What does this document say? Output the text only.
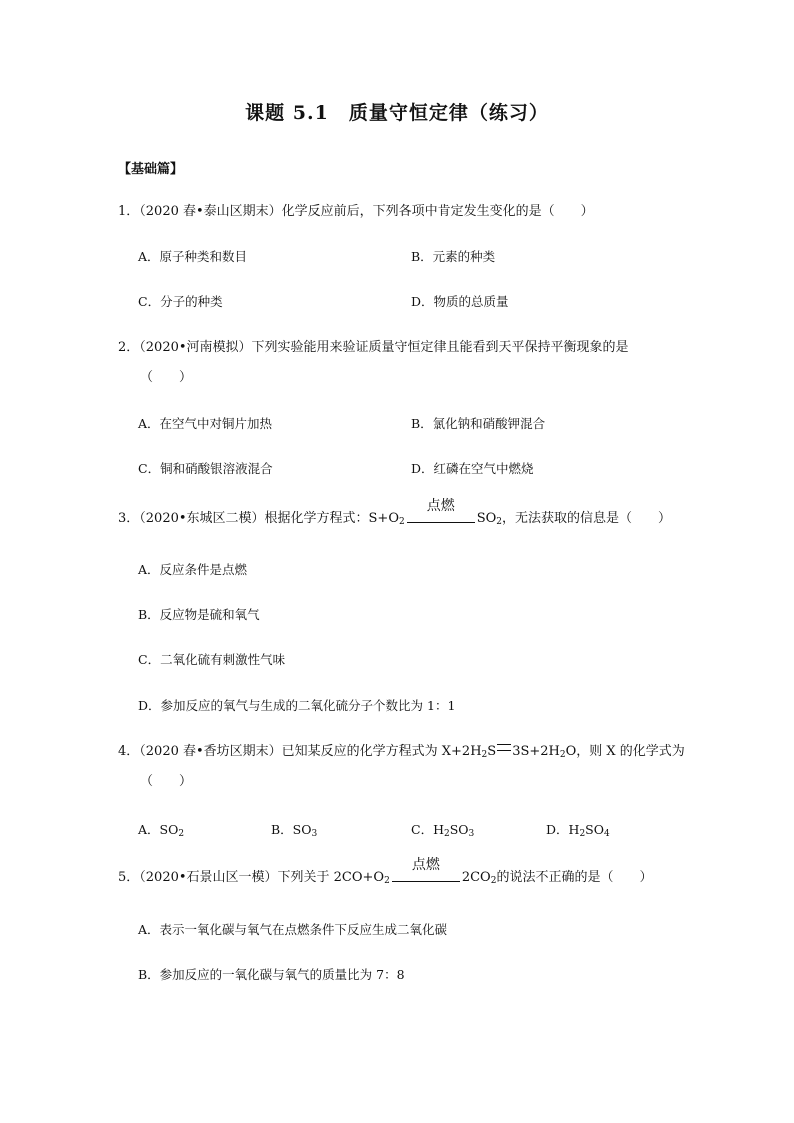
课题 5.1　质量守恒定律（练习）
【基础篇】
1．（2020 春•泰山区期末）化学反应前后，下列各项中肯定发生变化的是（　　）
A．原子种类和数目	B．元素的种类
C．分子的种类	D．物质的总质量
2．（2020•河南模拟）下列实验能用来验证质量守恒定律且能看到天平保持平衡现象的是
（　　）
A．在空气中对铜片加热	B．氯化钠和硝酸钾混合
C．铜和硝酸银溶液混合	D．红磷在空气中燃烧
3．（2020•东城区二模）根据化学方程式：$S+O_2$
点燃
$SO_2$，无法获取的信息是（　　）
A．反应条件是点燃
B．反应物是硫和氧气
C．二氧化硫有刺激性气味
D．参加反应的氧气与生成的二氧化硫分子个数比为 1：1
4．（2020 春•香坊区期末）已知某反应的化学方程式为 $X+2H_2S$ $3S+2H_2O$，则 X 的化学式为
（　　）
A．$SO_2$	B．$SO_3$	C．$H_2SO_3$	D．$H_2SO_4$
5．（2020•石景山区一模）下列关于 $2CO+O_2$
点燃
$2CO_2$的说法不正确的是（　　）
A．表示一氧化碳与氧气在点燃条件下反应生成二氧化碳
B．参加反应的一氧化碳与氧气的质量比为 7：8
